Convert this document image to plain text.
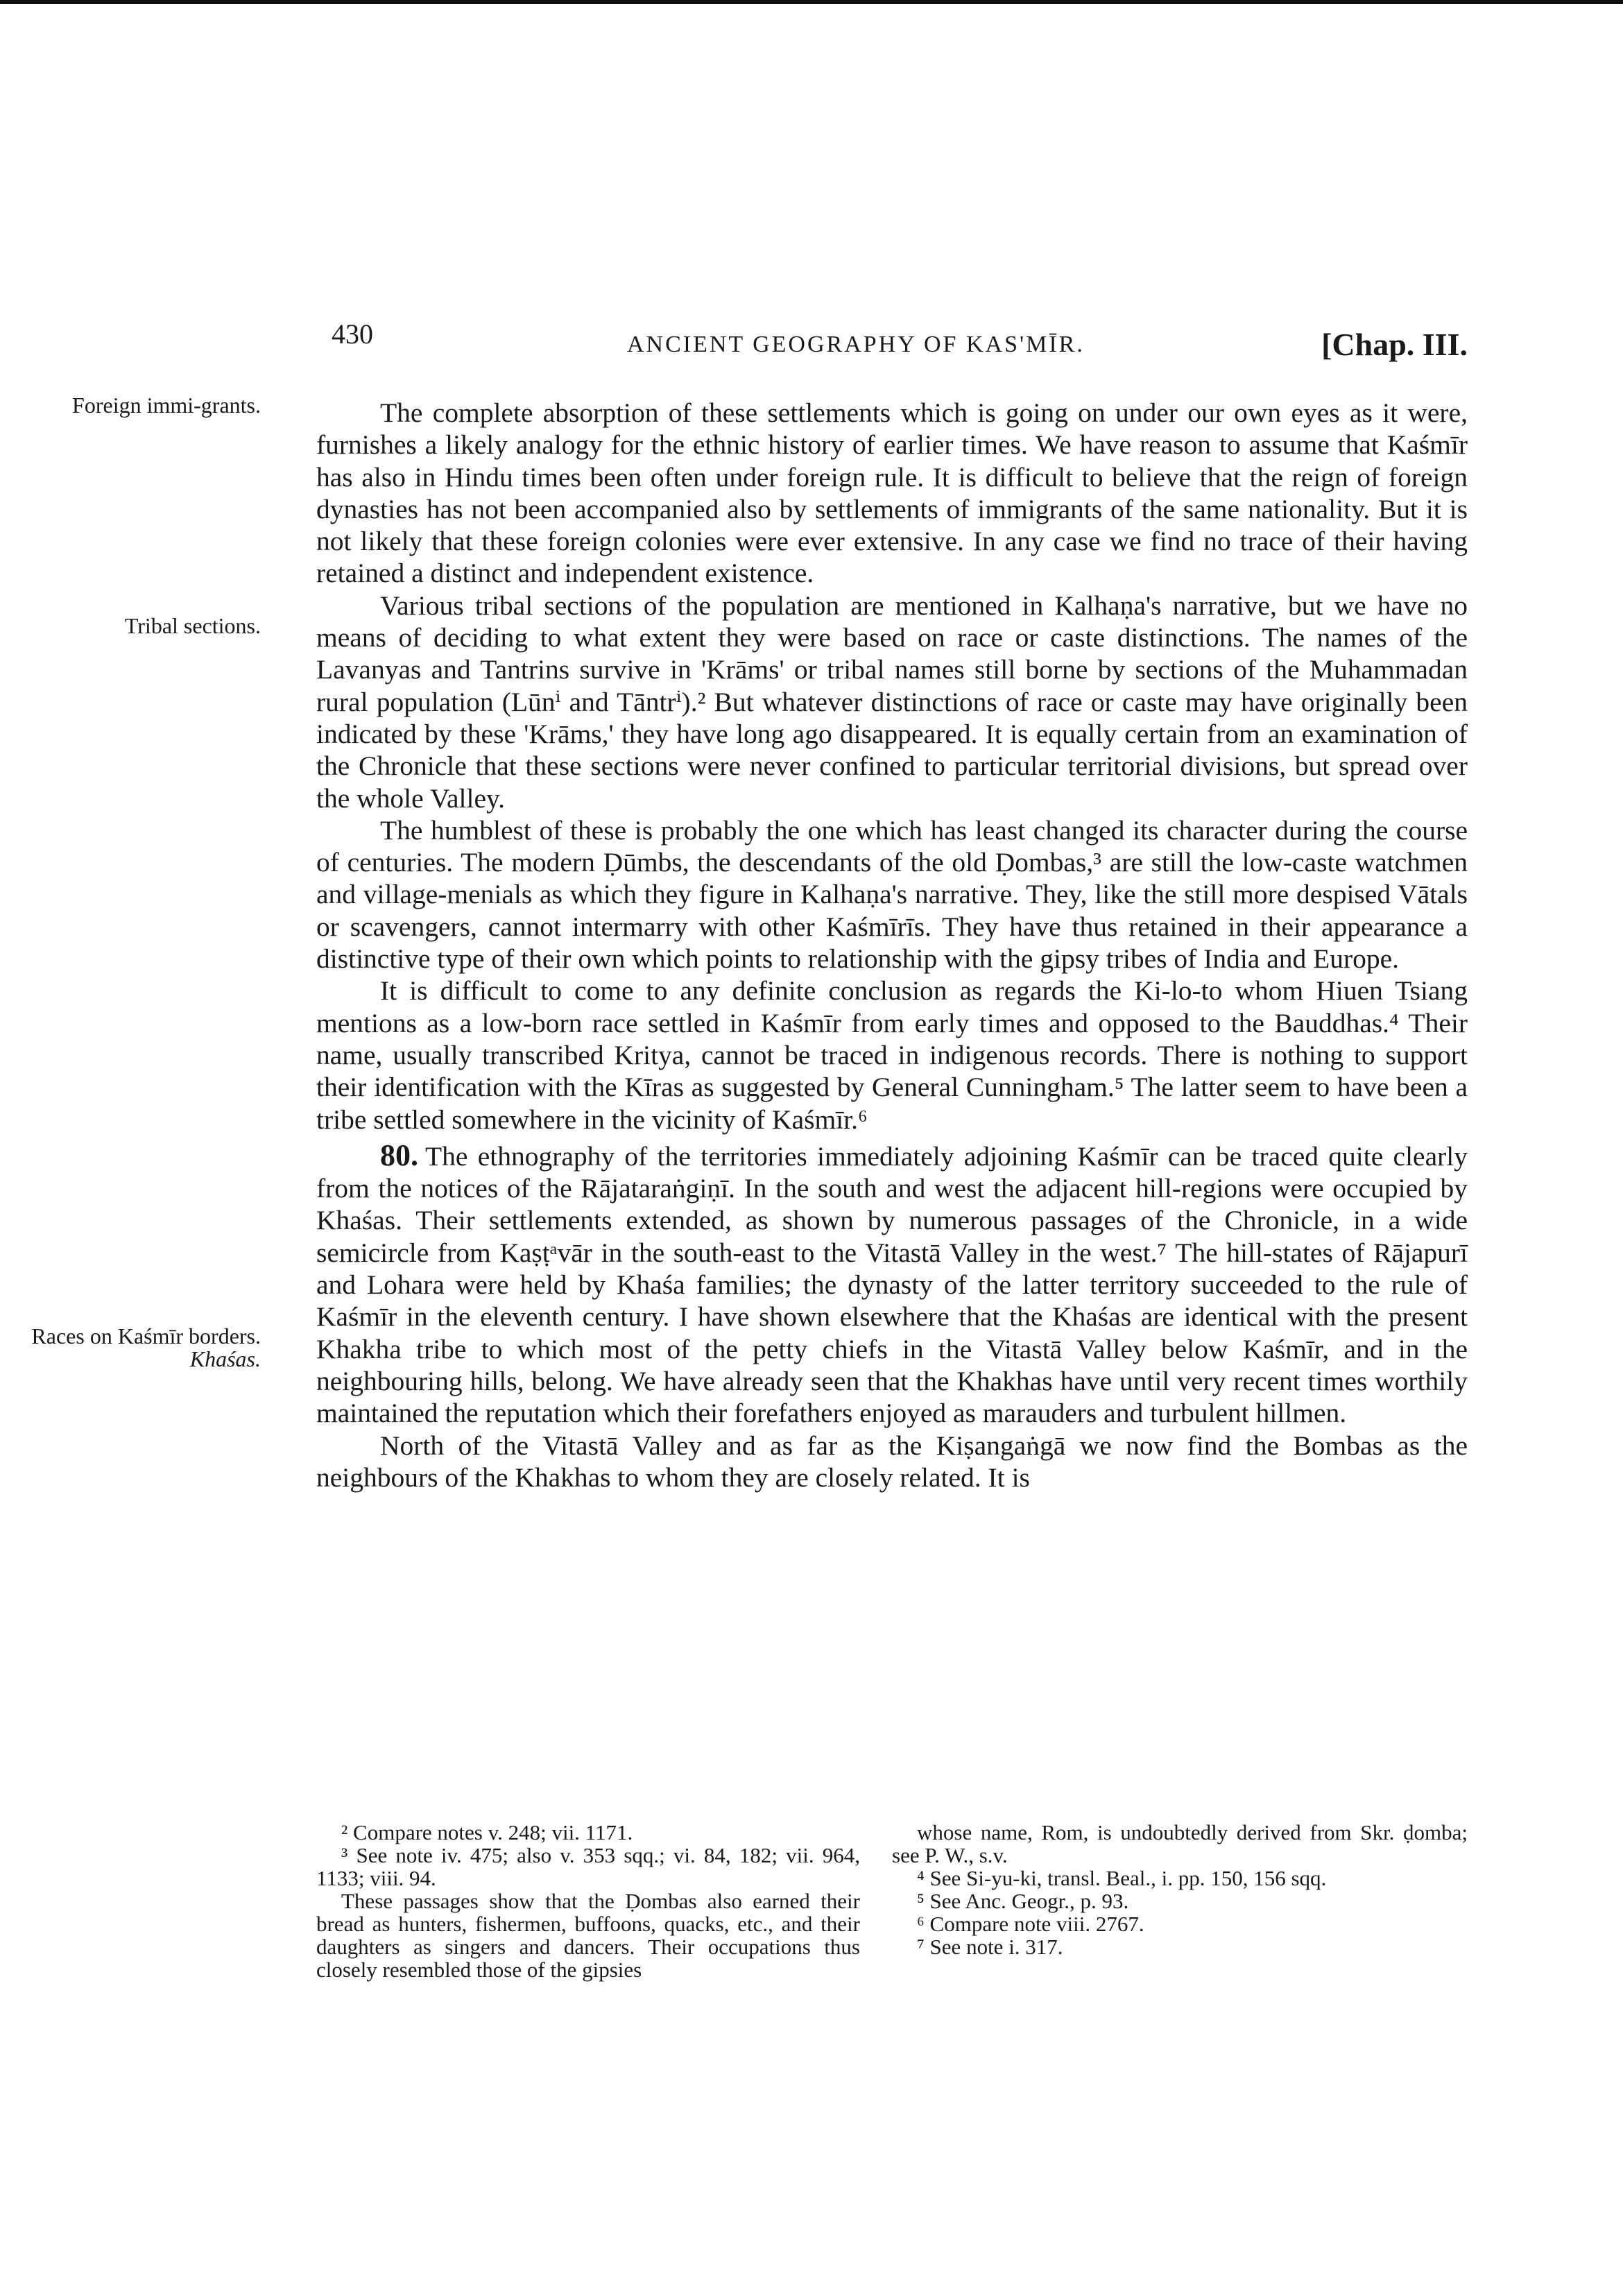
430	ANCIENT GEOGRAPHY OF KAS'MĪR.	[Chap. III.
Foreign immi-grants.
Tribal sections.
Races on Kaśmīr borders.
Khaśas.

The complete absorption of these settlements which is going on under our own eyes as it were, furnishes a likely analogy for the ethnic history of earlier times. We have reason to assume that Kaśmīr has also in Hindu times been often under foreign rule. It is difficult to believe that the reign of foreign dynasties has not been accompanied also by settlements of immigrants of the same nationality. But it is not likely that these foreign colonies were ever extensive. In any case we find no trace of their having retained a distinct and independent existence.

Various tribal sections of the population are mentioned in Kalhaṇa's narrative, but we have no means of deciding to what extent they were based on race or caste distinctions. The names of the Lavanyas and Tantrins survive in 'Krāms' or tribal names still borne by sections of the Muhammadan rural population (Lūnⁱ and Tāntrⁱ).² But whatever distinctions of race or caste may have originally been indicated by these 'Krāms,' they have long ago disappeared. It is equally certain from an examination of the Chronicle that these sections were never confined to particular territorial divisions, but spread over the whole Valley.

The humblest of these is probably the one which has least changed its character during the course of centuries. The modern Ḍūmbs, the descendants of the old Ḍombas,³ are still the low-caste watchmen and village-menials as which they figure in Kalhaṇa's narrative. They, like the still more despised Vātals or scavengers, cannot intermarry with other Kaśmīrīs. They have thus retained in their appearance a distinctive type of their own which points to relationship with the gipsy tribes of India and Europe.

It is difficult to come to any definite conclusion as regards the Ki-lo-to whom Hiuen Tsiang mentions as a low-born race settled in Kaśmīr from early times and opposed to the Bauddhas.⁴ Their name, usually transcribed Kritya, cannot be traced in indigenous records. There is nothing to support their identification with the Kīras as suggested by General Cunningham.⁵ The latter seem to have been a tribe settled somewhere in the vicinity of Kaśmīr.⁶

80. The ethnography of the territories immediately adjoining Kaśmīr can be traced quite clearly from the notices of the Rājataraṅgiṇī. In the south and west the adjacent hill-regions were occupied by Khaśas. Their settlements extended, as shown by numerous passages of the Chronicle, in a wide semicircle from Kaṣṭᵃvār in the south-east to the Vitastā Valley in the west.⁷ The hill-states of Rājapurī and Lohara were held by Khaśa families; the dynasty of the latter territory succeeded to the rule of Kaśmīr in the eleventh century. I have shown elsewhere that the Khaśas are identical with the present Khakha tribe to which most of the petty chiefs in the Vitastā Valley below Kaśmīr, and in the neighbouring hills, belong. We have already seen that the Khakhas have until very recent times worthily maintained the reputation which their forefathers enjoyed as marauders and turbulent hillmen.

North of the Vitastā Valley and as far as the Kiṣangaṅgā we now find the Bombas as the neighbours of the Khakhas to whom they are closely related. It is

² Compare notes v. 248; vii. 1171.

³ See note iv. 475; also v. 353 sqq.; vi. 84, 182; vii. 964, 1133; viii. 94.

These passages show that the Ḍombas also earned their bread as hunters, fishermen, buffoons, quacks, etc., and their daughters as singers and dancers. Their occupations thus closely resembled those of the gipsies

whose name, Rom, is undoubtedly derived from Skr. ḍomba; see P. W., s.v.

⁴ See Si-yu-ki, transl. Beal., i. pp. 150, 156 sqq.

⁵ See Anc. Geogr., p. 93.

⁶ Compare note viii. 2767.

⁷ See note i. 317.
